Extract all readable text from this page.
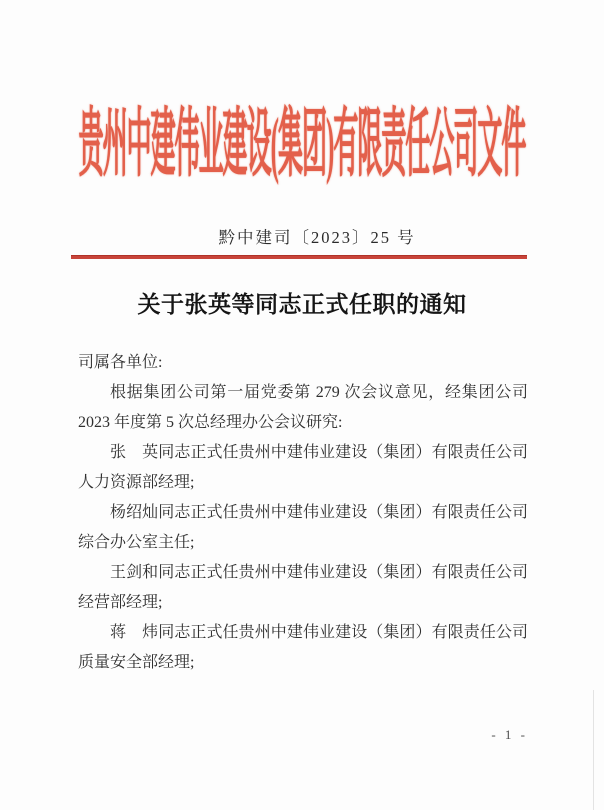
贵州中建伟业建设(集团)有限责任公司文件
黔中建司〔2023〕25 号
关于张英等同志正式任职的通知

司属各单位:

根据集团公司第一届党委第 279 次会议意见，经集团公司2023 年度第 5 次总经理办公会议研究:

张　英同志正式任贵州中建伟业建设（集团）有限责任公司人力资源部经理;

杨绍灿同志正式任贵州中建伟业建设（集团）有限责任公司综合办公室主任;

王剑和同志正式任贵州中建伟业建设（集团）有限责任公司经营部经理;

蒋　炜同志正式任贵州中建伟业建设（集团）有限责任公司质量安全部经理;

- 1 -
